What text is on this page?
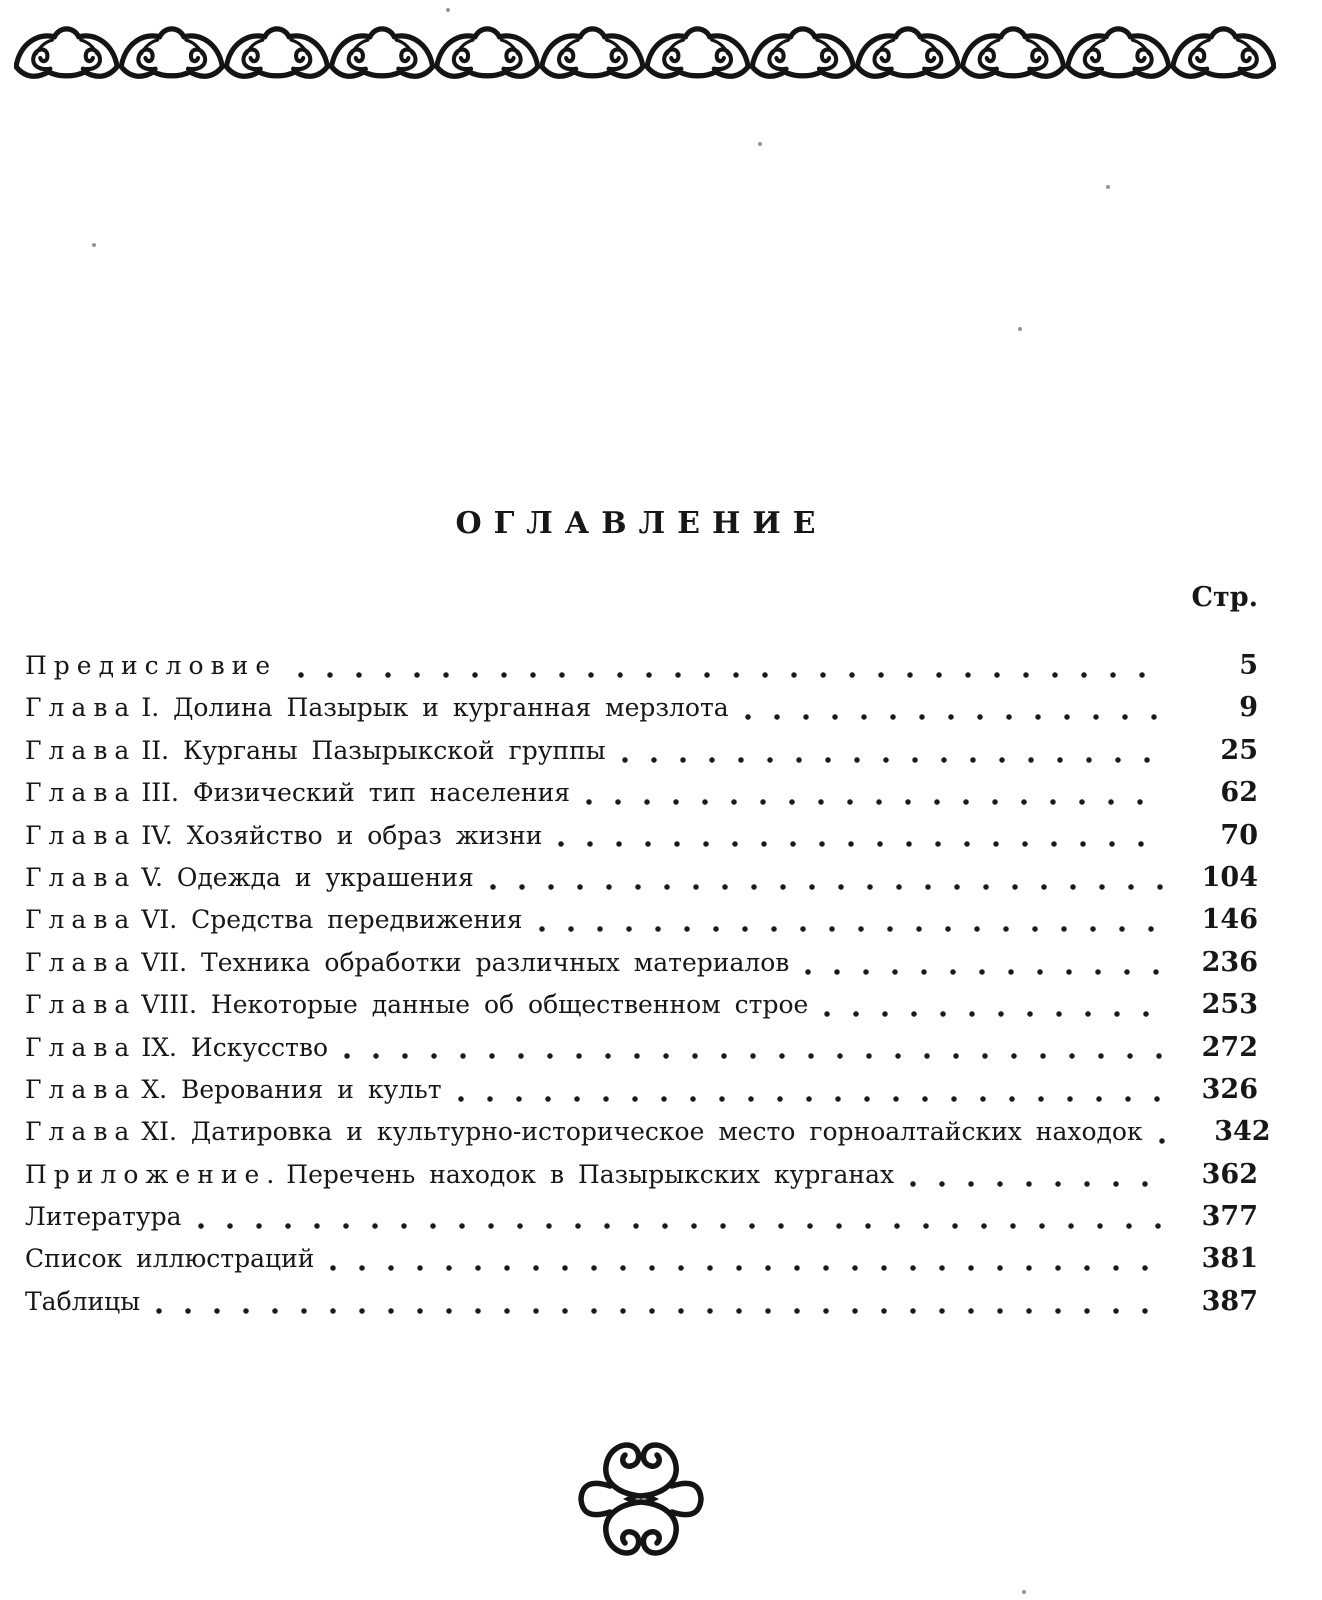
ОГЛАВЛЕНИЕ
Стр.
Предисловие	5
Глава I. Долина Пазырык и курганная мерзлота	9
Глава II. Курганы Пазырыкской группы	25
Глава III. Физический тип населения	62
Глава IV. Хозяйство и образ жизни	70
Глава V. Одежда и украшения	104
Глава VI. Средства передвижения	146
Глава VII. Техника обработки различных материалов	236
Глава VIII. Некоторые данные об общественном строе	253
Глава IX. Искусство	272
Глава X. Верования и культ	326
Глава XI. Датировка и культурно-историческое место горноалтайских находок	342
Приложение. Перечень находок в Пазырыкских курганах	362
Литература	377
Список иллюстраций	381
Таблицы	387
